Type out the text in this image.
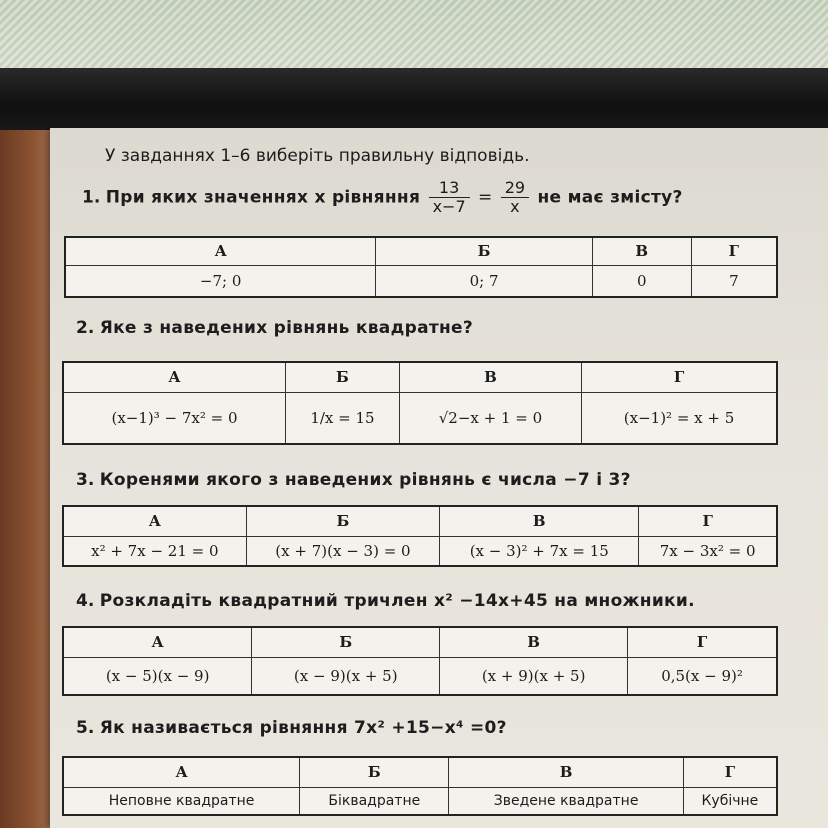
У завданнях 1–6 виберіть правильну відповідь.
1. При яких значеннях x рівняння $\frac{13}{x-7} = \frac{29}{x}$ не має змісту?
А	Б	В	Г
−7; 0	0; 7	0	7
2. Яке з наведених рівнянь квадратне?
А	Б	В	Г
(x−1)³ − 7x² = 0	1/x = 15	√2−x + 1 = 0	(x−1)² = x + 5
3. Коренями якого з наведених рівнянь є числа −7 і 3?
А	Б	В	Г
x² + 7x − 21 = 0	(x + 7)(x − 3) = 0	(x − 3)² + 7x = 15	7x − 3x² = 0
4. Розкладіть квадратний тричлен x² −14x+45 на множники.
А	Б	В	Г
(x − 5)(x − 9)	(x − 9)(x + 5)	(x + 9)(x + 5)	0,5(x − 9)²
5. Як називається рівняння 7x² +15−x⁴ =0?
А	Б	В	Г
Неповне квадратне	Біквадратне	Зведене квадратне	Кубічне
